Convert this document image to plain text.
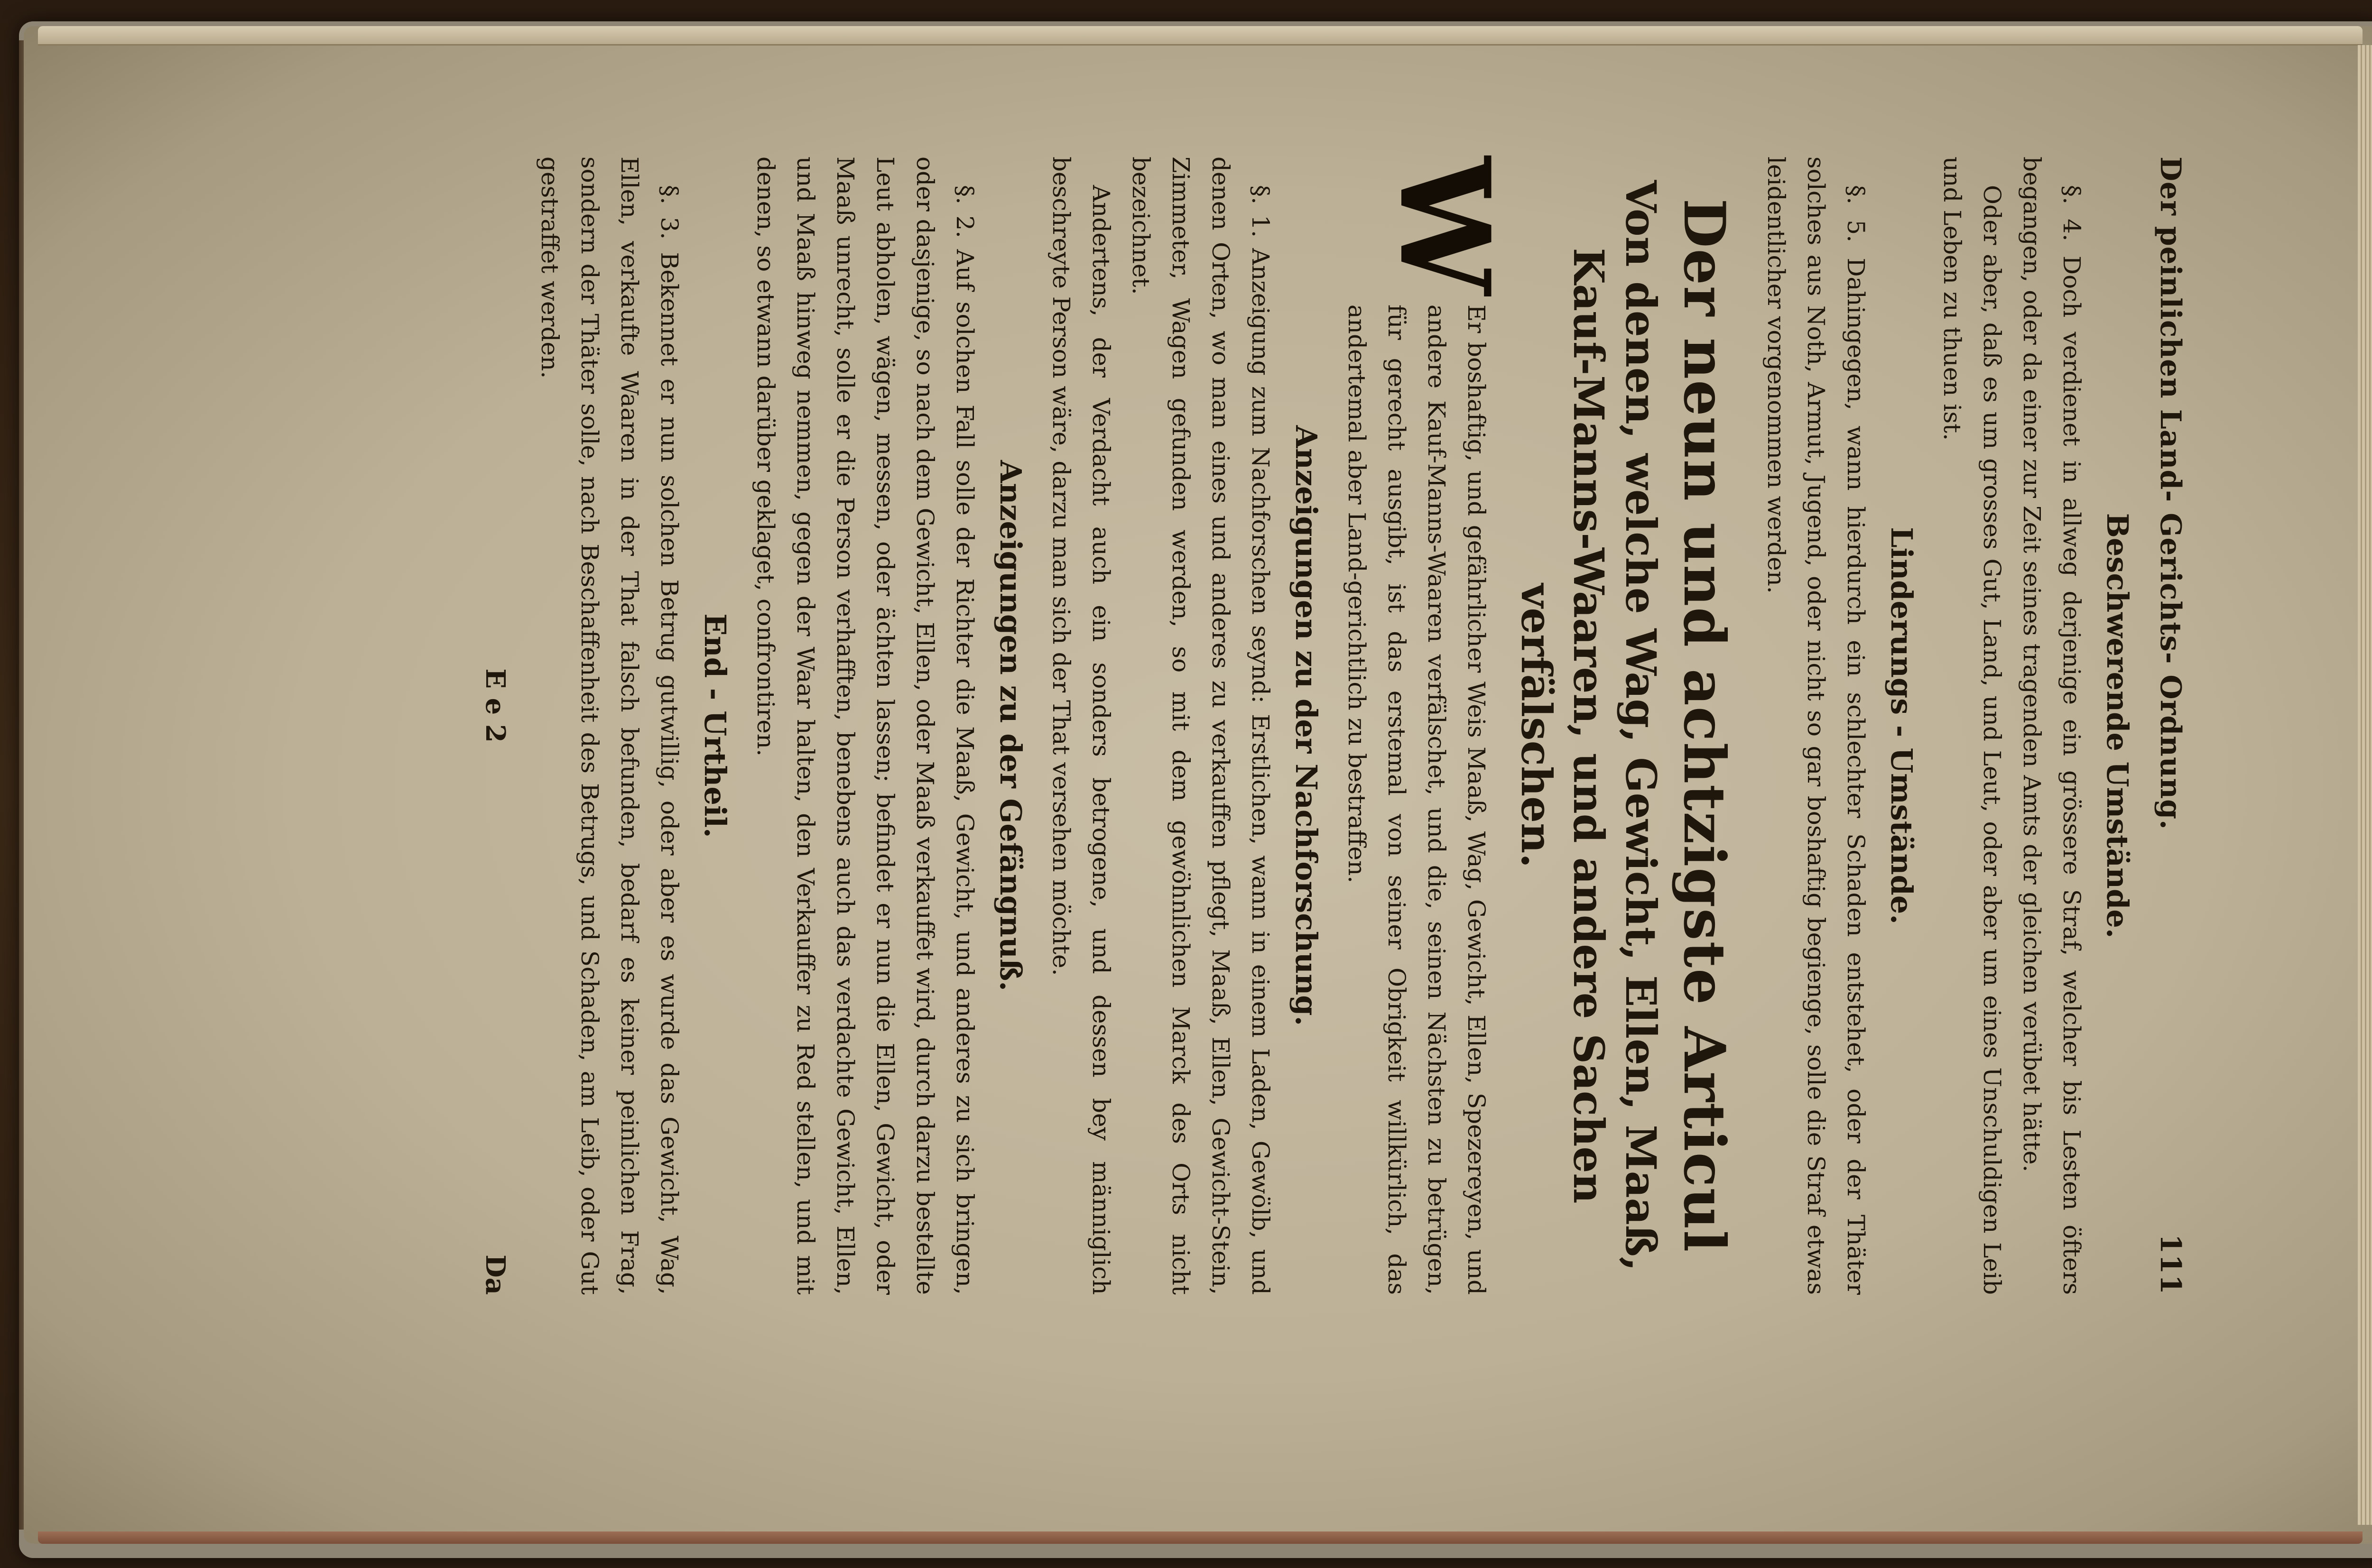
Der peinlichen Land- Gerichts- Ordnung.
111
Beschwerende Umstände.

§. 4. Doch verdienet in allweg derjenige ein grössere Straf, welcher bis Lesten öfters begangen, oder da einer zur Zeit seines tragenden Amts der gleichen verübet hätte.

Oder aber, daß es um grosses Gut, Land, und Leut, oder aber um eines Unschuldigen Leib und Leben zu thuen ist.

Linderungs - Umstände.

§. 5. Dahingegen, wann hierdurch ein schlechter Schaden entstehet, oder der Thäter solches aus Noth, Armut, Jugend, oder nicht so gar boshaftig begienge, solle die Straf etwas leidentlicher vorgenommen werden.

Der neun und achtzigste Articul
Von denen, welche Wag, Gewicht, Ellen, Maaß, Kauf-Manns-Waaren, und andere Sachen verfälschen.
W

Er boshaftig, und gefährlicher Weis Maaß, Wag, Gewicht, Ellen, Spezereyen, und andere Kauf-Manns-Waaren verfälschet, und die, seinen Nächsten zu betrügen, für gerecht ausgibt, ist das erstemal von seiner Obrigkeit willkürlich, das andertemal aber Land-gerichtlich zu bestraffen.

Anzeigungen zu der Nachforschung.

§. 1. Anzeigung zum Nachforschen seynd: Erstlichen, wann in einem Laden, Gewölb, und denen Orten, wo man eines und anderes zu verkauffen pflegt, Maaß, Ellen, Gewicht-Stein, Zimmeter, Wagen gefunden werden, so mit dem gewöhnlichen Marck des Orts nicht bezeichnet.

Andertens, der Verdacht auch ein sonders betrogene, und dessen bey männiglich beschreyte Person wäre, darzu man sich der That versehen möchte.

Anzeigungen zu der Gefängnuß.

§. 2. Auf solchen Fall solle der Richter die Maaß, Gewicht, und anderes zu sich bringen, oder dasjenige, so nach dem Gewicht, Ellen, oder Maaß verkauffet wird, durch darzu bestellte Leut abholen, wägen, messen, oder ächten lassen; befindet er nun die Ellen, Gewicht, oder Maaß unrecht, solle er die Person verhafften, benebens auch das verdachte Gewicht, Ellen, und Maaß hinweg nemmen, gegen der Waar halten, den Verkauffer zu Red stellen, und mit denen, so etwann darüber geklaget, confrontiren.

End - Urtheil.

§. 3. Bekennet er nun solchen Betrug gutwillig, oder aber es wurde das Gewicht, Wag, Ellen, verkaufte Waaren in der That falsch befunden, bedarf es keiner peinlichen Frag, sondern der Thäter solle, nach Beschaffenheit des Betrugs, und Schaden, am Leib, oder Gut gestraffet werden.

E e 2
Da
